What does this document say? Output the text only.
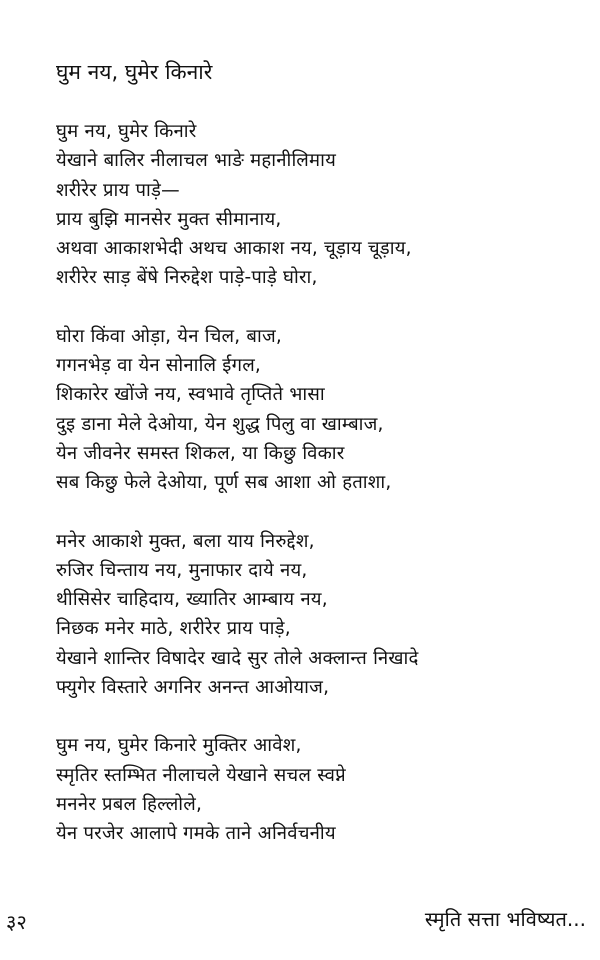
घुम नय, घुमेर किनारे
घुम नय, घुमेर किनारे
येखाने बालिर नीलाचल भाङे महानीलिमाय
शरीरेर प्राय पाड़े—
प्राय बुझि मानसेर मुक्त सीमानाय,
अथवा आकाशभेदी अथच आकाश नय, चूड़ाय चूड़ाय,
शरीरेर साड़ बेंषे निरुद्देश पाड़े-पाड़े घोरा,
घोरा किंवा ओड़ा, येन चिल, बाज,
गगनभेड़ वा येन सोनालि ईगल,
शिकारेर खोंजे नय, स्वभावे तृप्तिते भासा
दुइ डाना मेले देओया, येन शुद्ध पिलु वा खाम्बाज,
येन जीवनेर समस्त शिकल, या किछु विकार
सब किछु फेले देओया, पूर्ण सब आशा ओ हताशा,
मनेर आकाशे मुक्त, बला याय निरुद्देश,
रुजिर चिन्ताय नय, मुनाफार दाये नय,
थीसिसेर चाहिदाय, ख्यातिर आम्बाय नय,
निछक मनेर माठे, शरीरेर प्राय पाड़े,
येखाने शान्तिर विषादेर खादे सुर तोले अक्लान्त निखादे
फ्युगेर विस्तारे अगनिर अनन्त आओयाज,
घुम नय, घुमेर किनारे मुक्तिर आवेश,
स्मृतिर स्तम्भित नीलाचले येखाने सचल स्वप्ने
मननेर प्रबल हिल्लोले,
येन परजेर आलापे गमके ताने अनिर्वचनीय
३२	स्मृति सत्ता भविष्यत...
